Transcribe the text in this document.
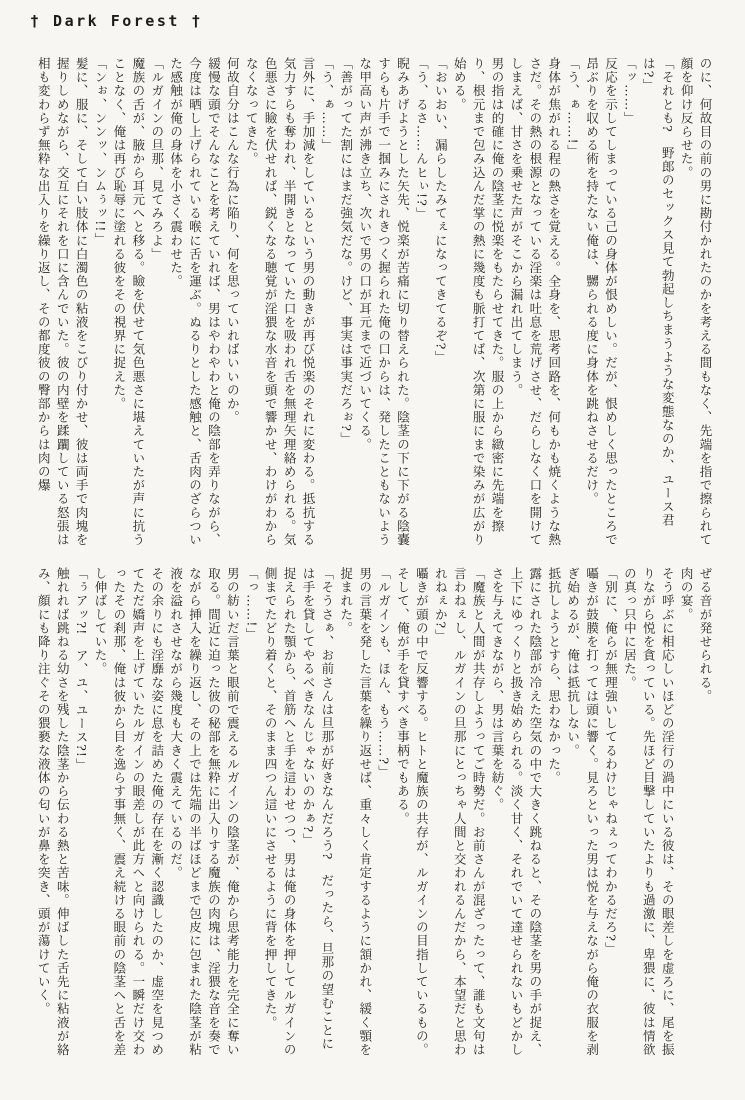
† Dark Forest †

のに、何故目の前の男に勘付かれたのかを考える間もなく、先端を指で擦られて顔を仰け反らせた。

「それとも?　野郎のセックス見て勃起しちまうような変態なのか、ユース君は?」

「ッ……」

反応を示してしまっている己の身体が恨めしい。だが、恨めしく思ったところで昂ぶりを収める術を持たない俺は、嬲られる度に身体を跳ねさせるだけ。

「う、ぁ……!」

身体が焦がれる程の熱さを覚える。全身を、思考回路を、何もかも焼くような熱さだ。その熱の根源となっている淫楽は吐息を荒げさせ、だらしなく口を開けてしまえば、甘さを乗せた声がそこから漏れ出てしまう。

男の指は的確に俺の陰茎に悦楽をもたらせてきた。服の上から緻密に先端を擦り、根元まで包み込んだ掌の熱に幾度も脈打てば、次第に服にまで染みが広がり始める。

「おいおい、漏らしたみてぇになってきてるぞ?」

「う、るさ……んヒぃ!?」

睨みあげようとした矢先、悦楽が苦痛に切り替えられた。陰茎の下に下がる陰嚢すらも片手で一掴みにされきつく握られた俺の口からは、発したこともないような甲高い声が沸き立ち、次いで男の口が耳元まで近づいてくる。

「善がってた割にはまだ強気だな。けど、事実は事実だろぉ?」

「う、ぁ……」

言外に、手加減をしているという男の動きが再び悦楽のそれに変わる。抵抗する気力すらも奪われ、半開きとなっていた口を吸われ舌を無理矢理絡められる。気色悪さに瞼を伏せれば、鋭くなる聴覚が淫猥な水音を頭で響かせ、わけがわからなくなってきた。

何故自分はこんな行為に陥り、何を思っていればいいのか。

緩慢な頭でそんなことを考えていれば、男はやわやわと俺の陰部を弄りながら、今度は晒し上げられている喉に舌を運ぶ。ぬるりとした感触と、舌肉のざらついた感触が俺の身体を小さく震わせた。

「ルガインの旦那、見てみろよ」

魔族の舌が、腋から耳元へと移る。瞼を伏せて気色悪さに堪えていたが声に抗うことなく、俺は再び恥辱に塗れる彼をその視界に捉えた。

「ンぉ、ンンッ、ンムぅッ!!」

髪に、服に、そして白い肢体に白濁色の粘液をこびり付かせ、彼は両手で肉塊を握りしめながら、交互にそれを口に含んでいた。彼の内壁を蹂躙している怒張は相も変わらず無粋な出入りを繰り返し、その都度彼の臀部からは肉の爆

ぜる音が発せられる。

肉の宴。

そう呼ぶに相応しいほどの淫行の渦中にいる彼は、その眼差しを虚ろに、尾を振りながら悦を貪っている。先ほど目撃していたよりも過激に、卑猥に、彼は情欲の真っ只中に居た。

「別に、俺らが無理強いしてるわけじゃねぇってわかるだろ?」

囁きが鼓膜を打っては頭に響く。見ろといった男は悦を与えながら俺の衣服を剥ぎ始めるが、俺は抵抗しない。

抵抗しようとすら、思わなかった。

露にされた陰部が冷えた空気の中で大きく跳ねると、その陰茎を男の手が捉え、上下にゆっくりと扱き始められる。淡く甘く、それでいて達せられないもどかしさを与えてきながら、男は言葉を紡ぐ。

「魔族と人間が共存しようってご時勢だ。お前さんが混ざったって、誰も文句は言わねぇし、ルガインの旦那にとっちゃ人間と交われるんだから、本望だと思われねぇか?」

囁きが頭の中で反響する。ヒトと魔族の共存が、ルガインの目指しているもの。そして、俺が手を貸すべき事柄でもある。

「ルガインも、ほん、もう……?」

男の言葉を発した言葉を繰り返せば、重々しく肯定するように頷かれ、緩く顎を捉まれた。

「そうさぁ、お前さんは旦那が好きなんだろう?　だったら、旦那の望むことには手を貸してやるべきなんじゃないのかぁ?」

捉えられた顎から、首筋へと手を這わせつつ、男は俺の身体を押してルガインの側までたどり着くと、そのまま四つん這いにさせるように背を押してきた。

「っ……!」

男の紡いだ言葉と眼前で震えるルガインの陰茎が、俺から思考能力を完全に奪い取る。間近に迫った彼の秘部を無粋に出入りする魔族の肉塊は、淫猥な音を奏でながら挿入を繰り返し、その上では先端の半ばほどまで包皮に包まれた陰茎が粘液を溢れさせながら幾度も大きく震えているのだ。

その余りにも淫靡な姿に息を詰めた俺の存在を漸く認識したのか、虚空を見つめてただ嬌声を上げていたルガインの眼差しが此方へと向けられる。一瞬だけ交わったその刹那、俺は彼から目を逸らす事無く、震え続ける眼前の陰茎へと舌を差し伸ばしていた。

「ぅアッ?!　ア、ユ、ユース?!」

触れれば跳ねる幼さを残した陰茎から伝わる熱と苦味。伸ばした舌先に粘液が絡み、顔にも降り注ぐその猥褻な液体の匂いが鼻を突き、頭が蕩けていく。
